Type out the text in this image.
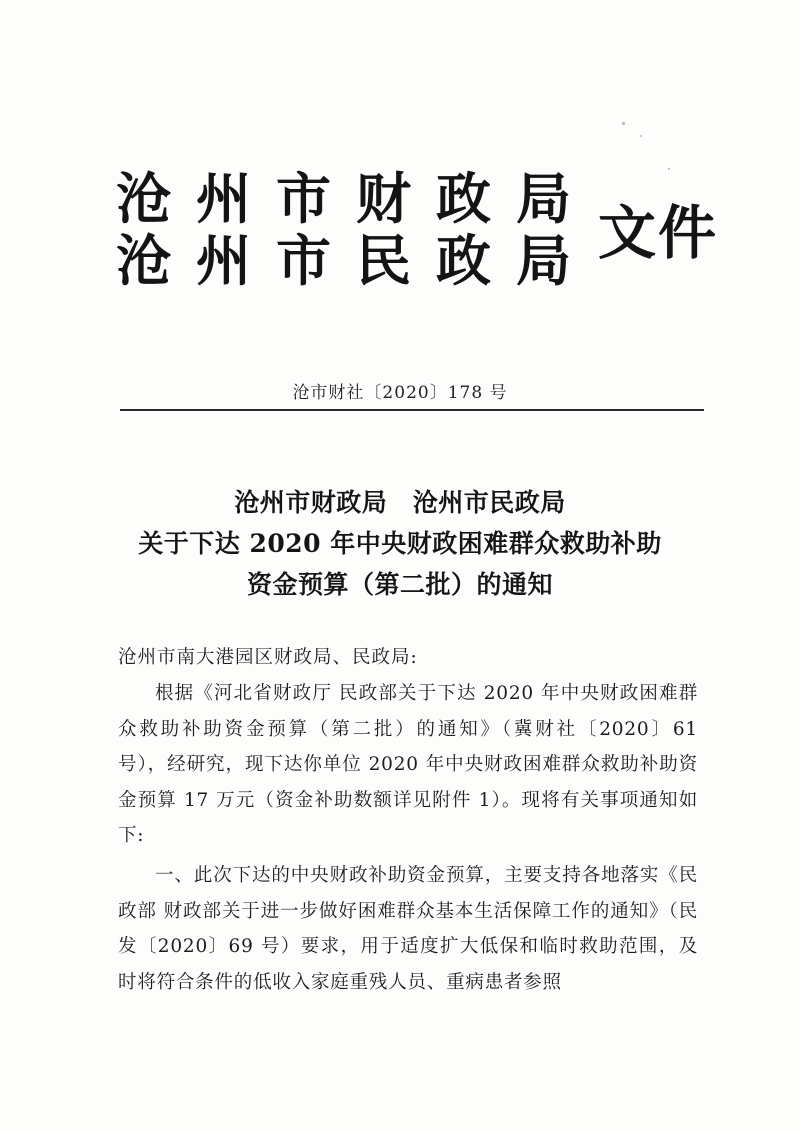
沧州市财政局
沧州市民政局 文件
沧市财社〔2020〕178 号
沧州市财政局　沧州市民政局
关于下达 2020 年中央财政困难群众救助补助
资金预算（第二批）的通知
沧州市南大港园区财政局、民政局:
根据《河北省财政厅 民政部关于下达 2020 年中央财政困难群众救助补助资金预算（第二批）的通知》（冀财社〔2020〕61 号），经研究，现下达你单位 2020 年中央财政困难群众救助补助资金预算 17 万元（资金补助数额详见附件 1）。现将有关事项通知如下:
一、此次下达的中央财政补助资金预算，主要支持各地落实《民政部 财政部关于进一步做好困难群众基本生活保障工作的通知》（民发〔2020〕69 号）要求，用于适度扩大低保和临时救助范围，及时将符合条件的低收入家庭重残人员、重病患者参照
